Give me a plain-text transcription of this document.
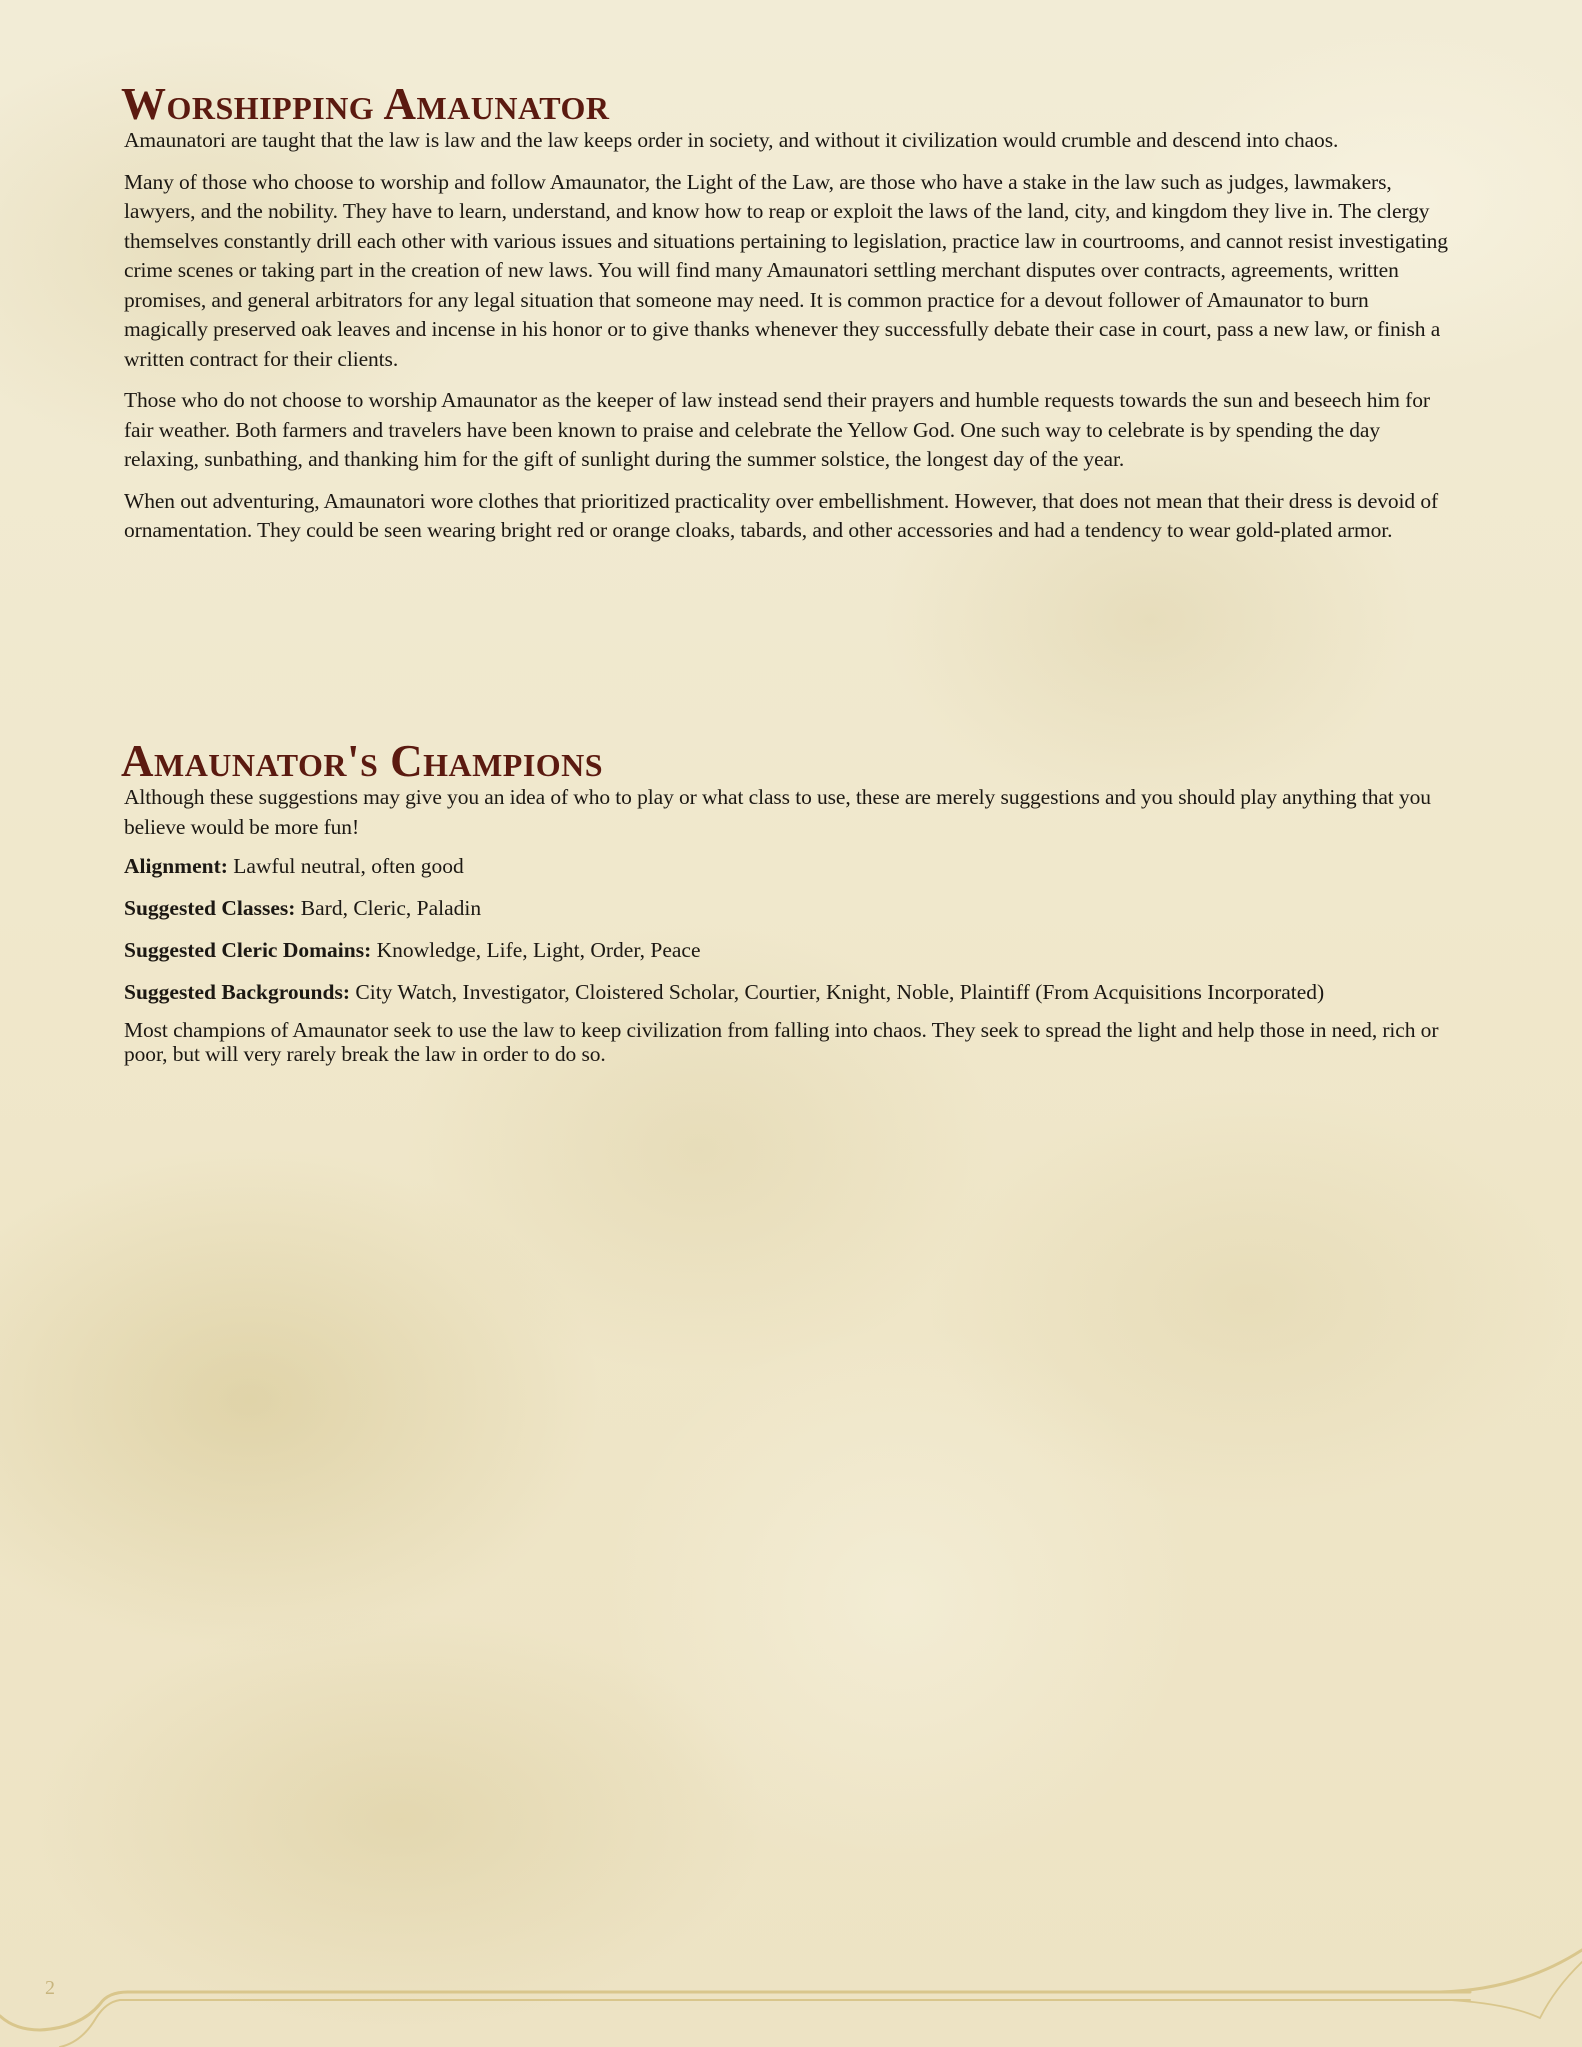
Worshipping Amaunator

Amaunatori are taught that the law is law and the law keeps order in society, and without it civilization would crumble and descend into chaos.

Many of those who choose to worship and follow Amaunator, the Light of the Law, are those who have a stake in the law such as judges, lawmakers, lawyers, and the nobility. They have to learn, understand, and know how to reap or exploit the laws of the land, city, and kingdom they live in. The clergy themselves constantly drill each other with various issues and situations pertaining to legislation, practice law in courtrooms, and cannot resist investigating crime scenes or taking part in the creation of new laws. You will find many Amaunatori settling merchant disputes over contracts, agreements, written promises, and general arbitrators for any legal situation that someone may need. It is common practice for a devout follower of Amaunator to burn magically preserved oak leaves and incense in his honor or to give thanks whenever they successfully debate their case in court, pass a new law, or finish a written contract for their clients.

Those who do not choose to worship Amaunator as the keeper of law instead send their prayers and humble requests towards the sun and beseech him for fair weather. Both farmers and travelers have been known to praise and celebrate the Yellow God. One such way to celebrate is by spending the day relaxing, sunbathing, and thanking him for the gift of sunlight during the summer solstice, the longest day of the year.

When out adventuring, Amaunatori wore clothes that prioritized practicality over embellishment. However, that does not mean that their dress is devoid of ornamentation. They could be seen wearing bright red or orange cloaks, tabards, and other accessories and had a tendency to wear gold-plated armor.

Amaunator's Champions

Although these suggestions may give you an idea of who to play or what class to use, these are merely suggestions and you should play anything that you believe would be more fun!

Alignment: Lawful neutral, often good
Suggested Classes: Bard, Cleric, Paladin
Suggested Cleric Domains: Knowledge, Life, Light, Order, Peace
Suggested Backgrounds: City Watch, Investigator, Cloistered Scholar, Courtier, Knight, Noble, Plaintiff (From Acquisitions Incorporated)

Most champions of Amaunator seek to use the law to keep civilization from falling into chaos. They seek to spread the light and help those in need, rich or poor, but will very rarely break the law in order to do so.

2
